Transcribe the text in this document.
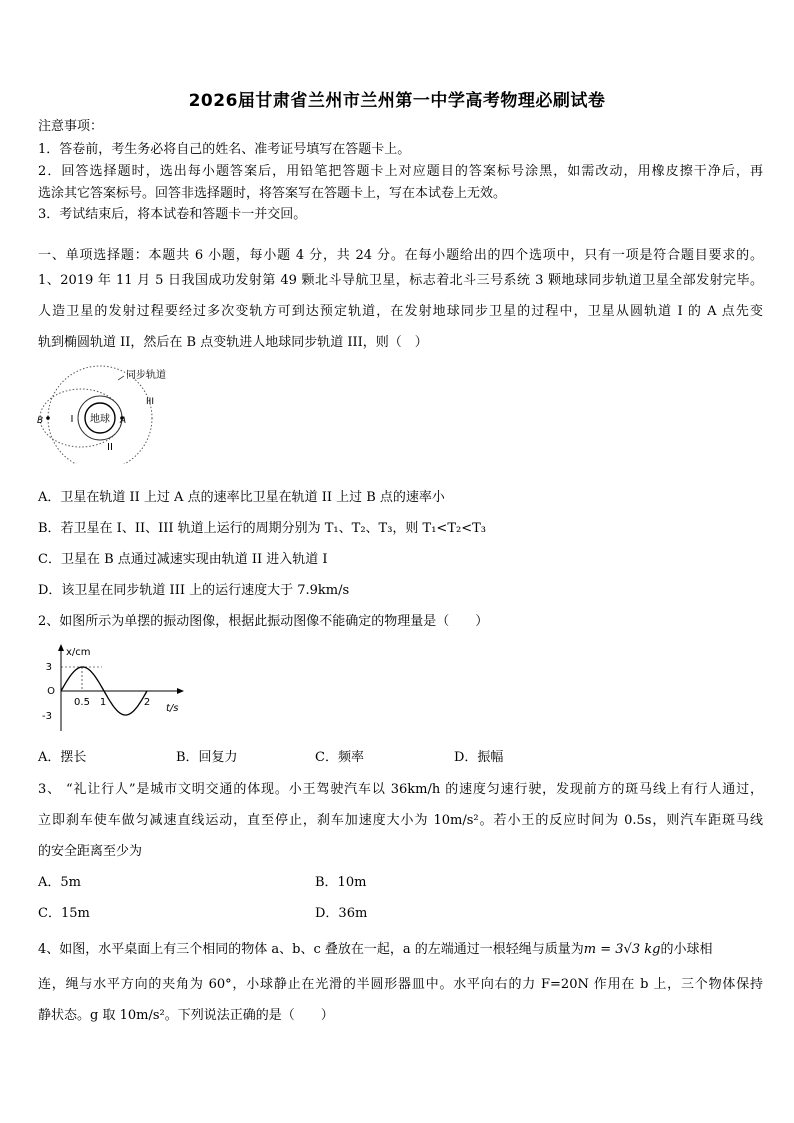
2026届甘肃省兰州市兰州第一中学高考物理必刷试卷
注意事项：
1．答卷前，考生务必将自己的姓名、准考证号填写在答题卡上。
2．回答选择题时，选出每小题答案后，用铅笔把答题卡上对应题目的答案标号涂黑，如需改动，用橡皮擦干净后，再
选涂其它答案标号。回答非选择题时，将答案写在答题卡上，写在本试卷上无效。
3．考试结束后，将本试卷和答题卡一并交回。
一、单项选择题：本题共 6 小题，每小题 4 分，共 24 分。在每小题给出的四个选项中，只有一项是符合题目要求的。
1、2019 年 11 月 5 日我国成功发射第 49 颗北斗导航卫星，标志着北斗三号系统 3 颗地球同步轨道卫星全部发射完毕。
人造卫星的发射过程要经过多次变轨方可到达预定轨道，在发射地球同步卫星的过程中，卫星从圆轨道 I 的 A 点先变
轨到椭圆轨道 II，然后在 B 点变轨进人地球同步轨道 III，则（　）
地球
I
II
III
同步轨道
A
B
A．卫星在轨道 II 上过 A 点的速率比卫星在轨道 II 上过 B 点的速率小
B．若卫星在 I、II、III 轨道上运行的周期分别为 T₁、T₂、T₃，则 T₁<T₂<T₃
C．卫星在 B 点通过减速实现由轨道 II 进入轨道 I
D．该卫星在同步轨道 III 上的运行速度大于 7.9km/s
2、如图所示为单摆的振动图像，根据此振动图像不能确定的物理量是（　　）
x/cm
t/s
3
O
-3
0.5 1	2
A．摆长	B．回复力	C．频率	D．振幅
3、 “礼让行人”是城市文明交通的体现。小王驾驶汽车以 36km/h 的速度匀速行驶，发现前方的斑马线上有行人通过，
立即刹车使车做匀减速直线运动，直至停止，刹车加速度大小为 10m/s²。若小王的反应时间为 0.5s，则汽车距斑马线
的安全距离至少为
A．5m	B．10m
C．15m	D．36m
4、如图，水平桌面上有三个相同的物体 a、b、c 叠放在一起，a 的左端通过一根轻绳与质量为m = 3√3 kg的小球相
连，绳与水平方向的夹角为 60°，小球静止在光滑的半圆形器皿中。水平向右的力 F=20N 作用在 b 上，三个物体保持
静状态。g 取 10m/s²。下列说法正确的是（　　）
